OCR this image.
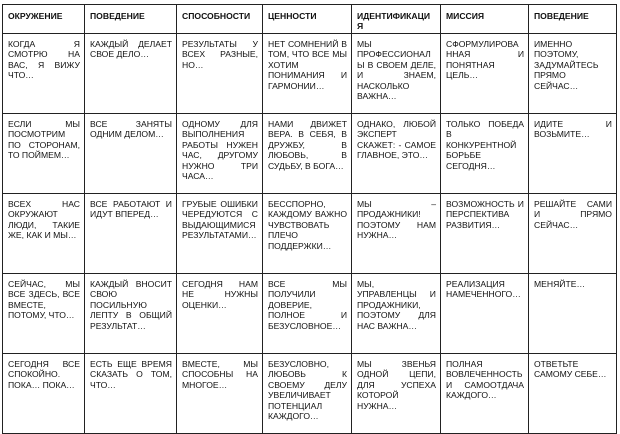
ОКРУЖЕНИЕ	ПОВЕДЕНИЕ	СПОСОБНОСТИ	ЦЕННОСТИ	ИДЕНТИФИКАЦИЯ	МИССИЯ	ПОВЕДЕНИЕ

КОГДА Я СМОТРЮ НА ВАС, Я ВИЖУ ЧТО…	КАЖДЫЙ ДЕЛАЕТ СВОЕ ДЕЛО…	РЕЗУЛЬТАТЫ У ВСЕХ РАЗНЫЕ, НО…	НЕТ СОМНЕНИЙ В ТОМ, ЧТО ВСЕ МЫ ХОТИМ ПОНИМАНИЯ И ГАРМОНИИ…	МЫ ПРОФЕССИОНАЛЫ В СВОЕМ ДЕЛЕ, И ЗНАЕМ, НАСКОЛЬКО ВАЖНА…	СФОРМУЛИРОВАННАЯ И ПОНЯТНАЯ ЦЕЛЬ…	ИМЕННО ПОЭТОМУ, ЗАДУМАЙТЕСЬ ПРЯМО СЕЙЧАС…

ЕСЛИ МЫ ПОСМОТРИМ ПО СТОРОНАМ, ТО ПОЙМЕМ…	ВСЕ ЗАНЯТЫ ОДНИМ ДЕЛОМ…	ОДНОМУ ДЛЯ ВЫПОЛНЕНИЯ РАБОТЫ НУЖЕН ЧАС, ДРУГОМУ НУЖНО ТРИ ЧАСА…	НАМИ ДВИЖЕТ ВЕРА. В СЕБЯ, В ДРУЖБУ, В ЛЮБОВЬ, В СУДЬБУ, В БОГА…	ОДНАКО, ЛЮБОЙ ЭКСПЕРТ СКАЖЕТ: - САМОЕ ГЛАВНОЕ, ЭТО…	ТОЛЬКО ПОБЕДА В КОНКУРЕНТНОЙ БОРЬБЕ СЕГОДНЯ…	ИДИТЕ И ВОЗЬМИТЕ…

ВСЕХ НАС ОКРУЖАЮТ ЛЮДИ, ТАКИЕ ЖЕ, КАК И МЫ…	ВСЕ РАБОТАЮТ И ИДУТ ВПЕРЕД…	ГРУБЫЕ ОШИБКИ ЧЕРЕДУЮТСЯ С ВЫДАЮЩИМИСЯ РЕЗУЛЬТАТАМИ…	БЕССПОРНО, КАЖДОМУ ВАЖНО ЧУВСТВОВАТЬ ПЛЕЧО ПОДДЕРЖКИ…	МЫ – ПРОДАЖНИКИ! ПОЭТОМУ НАМ НУЖНА…	ВОЗМОЖНОСТЬ И ПЕРСПЕКТИВА РАЗВИТИЯ…	РЕШАЙТЕ САМИ И ПРЯМО СЕЙЧАС…

СЕЙЧАС, МЫ ВСЕ ЗДЕСЬ, ВСЕ ВМЕСТЕ, ПОТОМУ, ЧТО…	КАЖДЫЙ ВНОСИТ СВОЮ ПОСИЛЬНУЮ ЛЕПТУ В ОБЩИЙ РЕЗУЛЬТАТ…	СЕГОДНЯ НАМ НЕ НУЖНЫ ОЦЕНКИ…	ВСЕ МЫ ПОЛУЧИЛИ ДОВЕРИЕ, ПОЛНОЕ И БЕЗУСЛОВНОЕ…	МЫ, УПРАВЛЕНЦЫ И ПРОДАЖНИКИ, ПОЭТОМУ ДЛЯ НАС ВАЖНА…	РЕАЛИЗАЦИЯ НАМЕЧЕННОГО…	МЕНЯЙТЕ…

СЕГОДНЯ ВСЕ СПОКОЙНО. ПОКА… ПОКА…	ЕСТЬ ЕЩЕ ВРЕМЯ СКАЗАТЬ О ТОМ, ЧТО…	ВМЕСТЕ, МЫ СПОСОБНЫ НА МНОГОЕ…	БЕЗУСЛОВНО, ЛЮБОВЬ К СВОЕМУ ДЕЛУ УВЕЛИЧИВАЕТ ПОТЕНЦИАЛ КАЖДОГО…	МЫ ЗВЕНЬЯ ОДНОЙ ЦЕПИ, ДЛЯ УСПЕХА КОТОРОЙ НУЖНА…	ПОЛНАЯ ВОВЛЕЧЕННОСТЬ И САМООТДАЧА КАЖДОГО…	ОТВЕТЬТЕ САМОМУ СЕБЕ…
